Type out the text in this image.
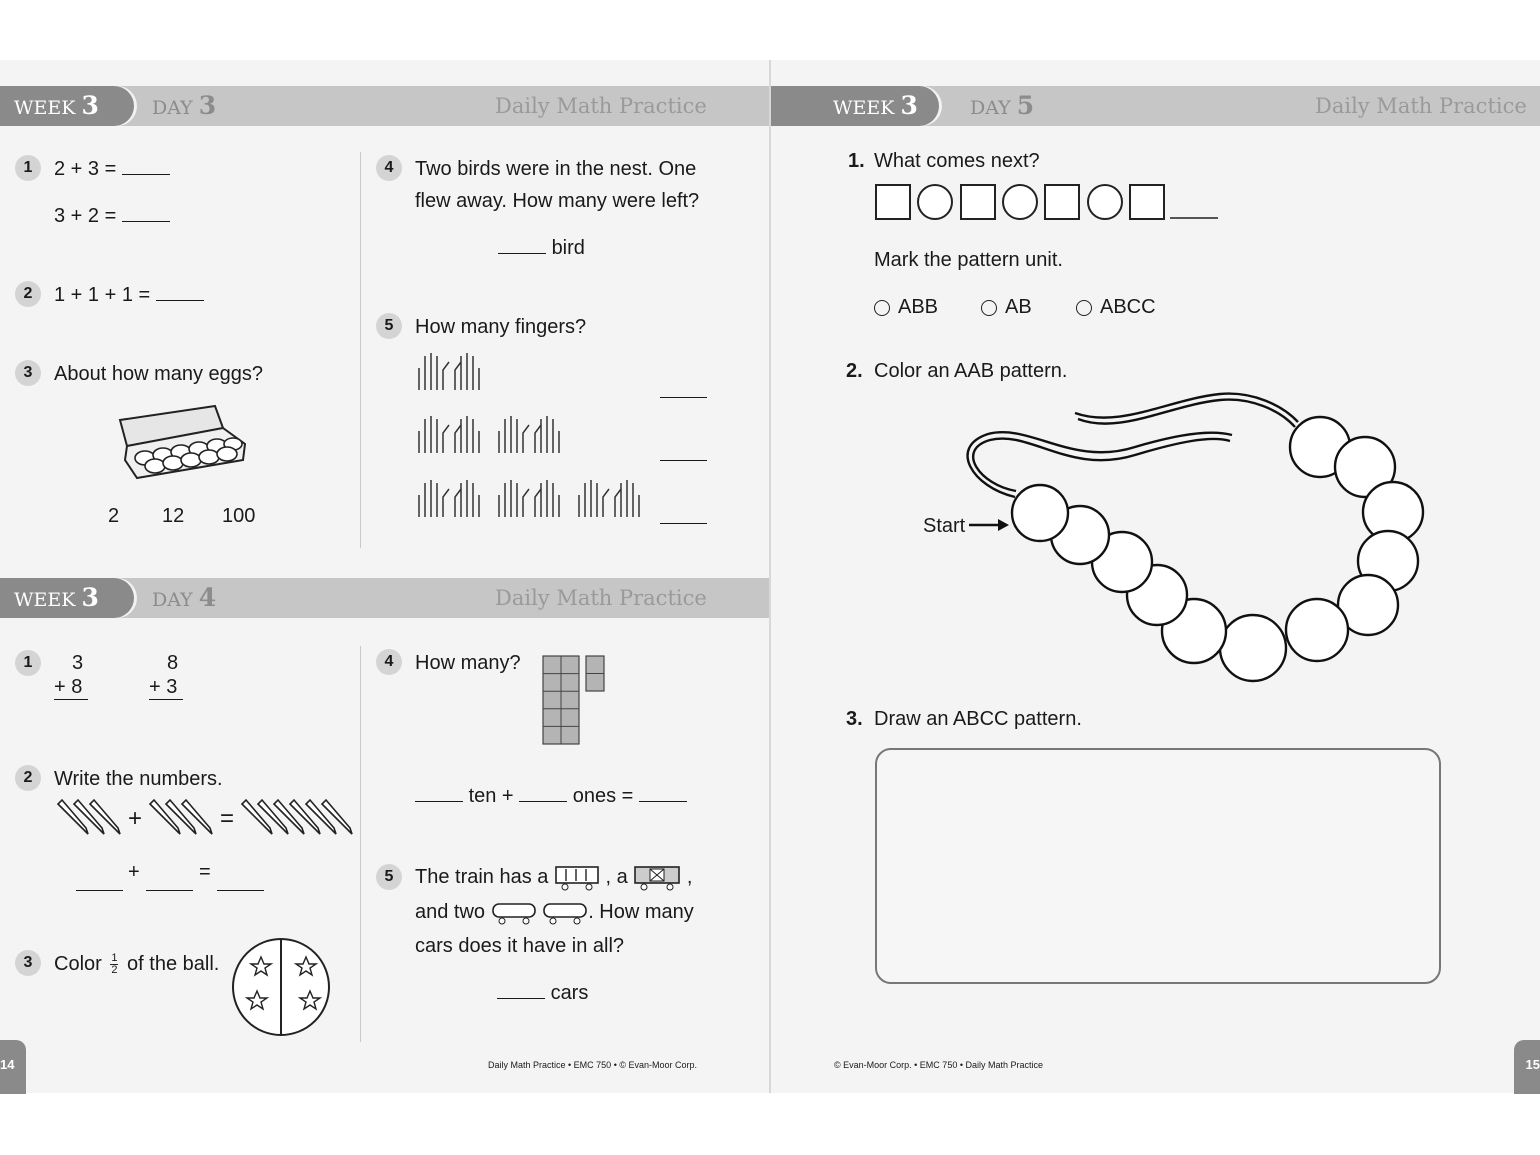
WEEK 3	DAY 3	Daily Math Practice
1	2 + 3 =
3 + 2 =
2	1 + 1 + 1 =
3	About how many eggs?
2 12 100
4	Two birds were in the nest. One
flew away. How many were left?
bird
5	How many fingers?
WEEK 3	DAY 4	Daily Math Practice
1	3
+ 8
8
+ 3
2	Write the numbers.
+	=
+	=
3	Color $\frac{1}{2}$ of the ball.
4	How many?
ten +	ones =
5	The train has a	, a	,
and two	. How many
cars does it have in all?
cars
14	Daily Math Practice • EMC 750 • © Evan-Moor Corp.
WEEK 3	DAY 5	Daily Math Practice
1. What comes next?
Mark the pattern unit.
ABB	AB	ABCC
2. Color an AAB pattern.
Start
3. Draw an ABCC pattern.
© Evan-Moor Corp. • EMC 750 • Daily Math Practice	15
